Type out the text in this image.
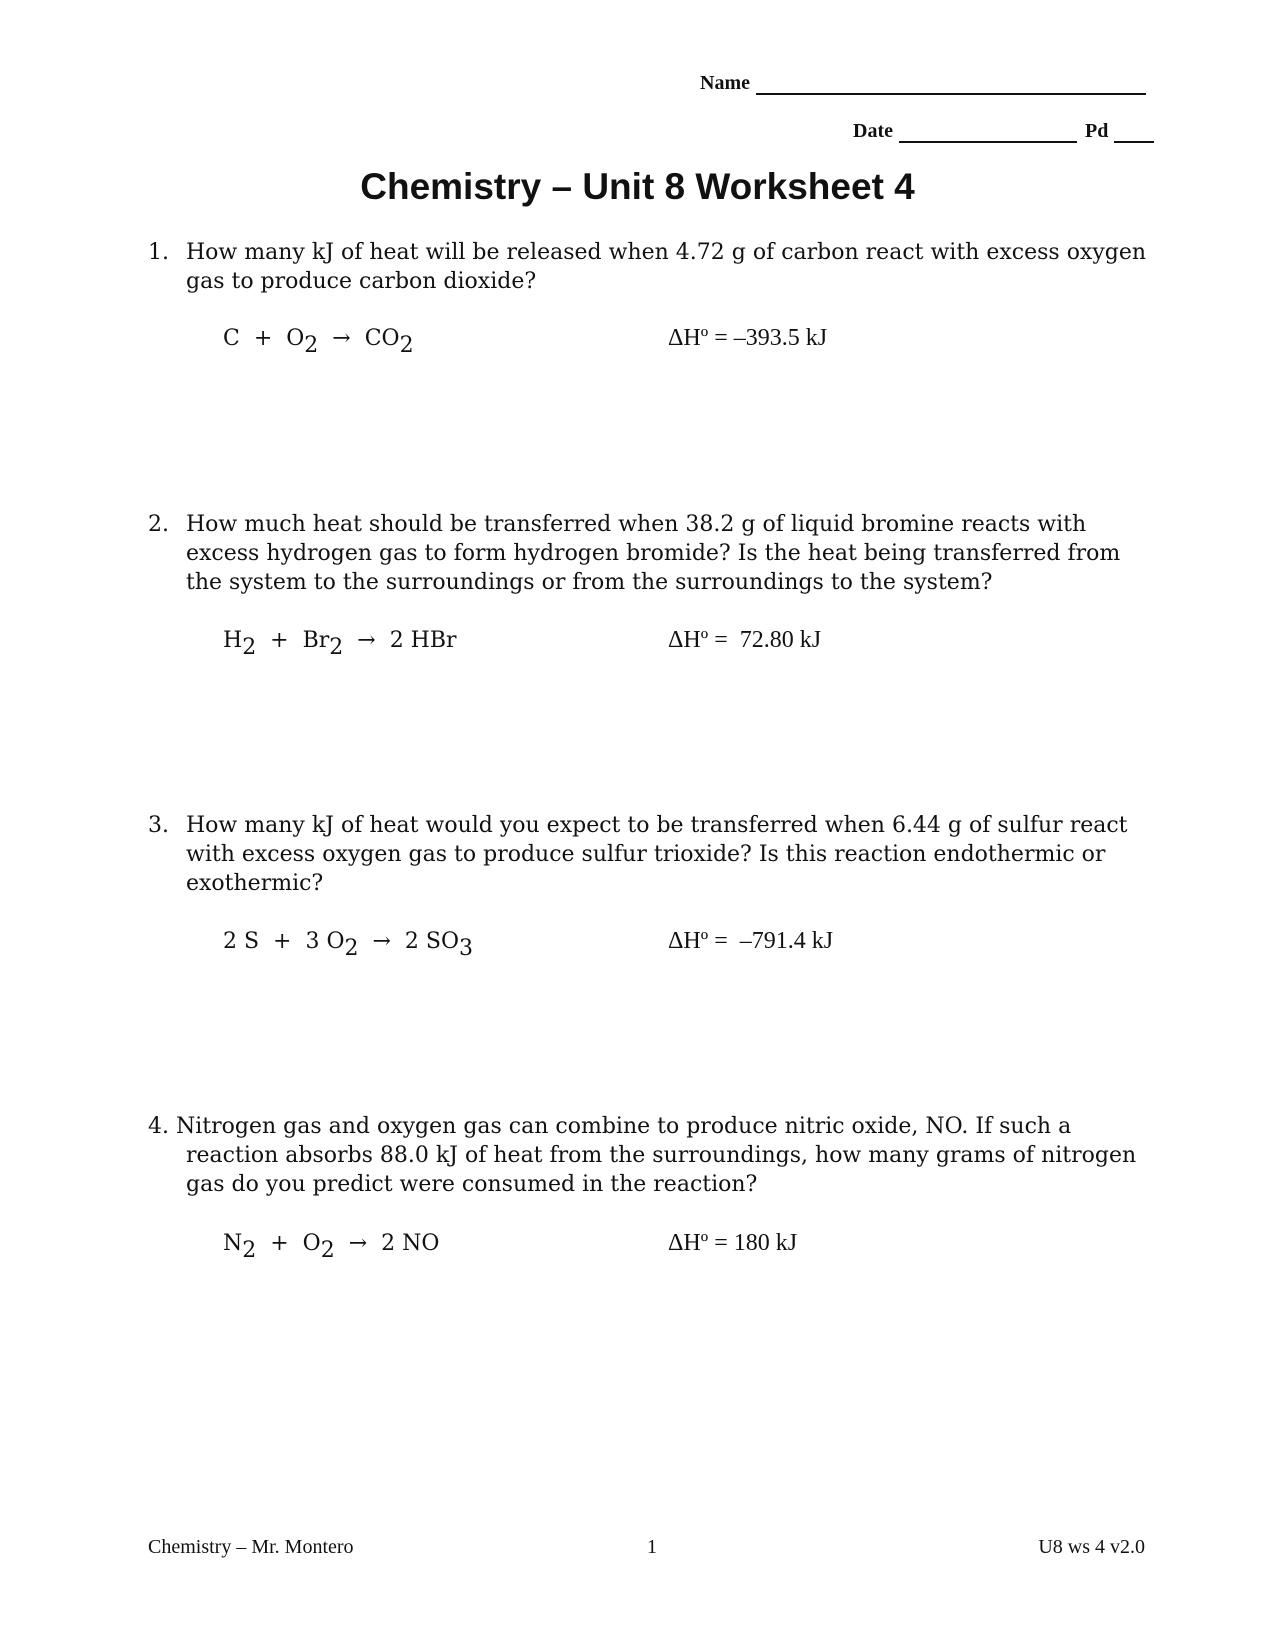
Name
Date	Pd
Chemistry – Unit 8 Worksheet 4
1. How many kJ of heat will be released when 4.72 g of carbon react with excess oxygen gas to produce carbon dioxide?
$C + O_2 \to CO_2$	ΔHº = –393.5 kJ
2. How much heat should be transferred when 38.2 g of liquid bromine reacts with excess hydrogen gas to form hydrogen bromide? Is the heat being transferred from the system to the surroundings or from the surroundings to the system?
$H_2 + Br_2 \to 2$ HBr	ΔHº =  72.80 kJ
3. How many kJ of heat would you expect to be transferred when 6.44 g of sulfur react with excess oxygen gas to produce sulfur trioxide? Is this reaction endothermic or exothermic?
2 S  +  3 $O_2 \to 2$ $SO_3$	ΔHº =  –791.4 kJ
4. Nitrogen gas and oxygen gas can combine to produce nitric oxide, NO. If such a reaction absorbs 88.0 kJ of heat from the surroundings, how many grams of nitrogen gas do you predict were consumed in the reaction?
$N_2 + O_2 \to 2$ NO	ΔHº = 180 kJ
Chemistry – Mr. Montero	1	U8 ws 4 v2.0
